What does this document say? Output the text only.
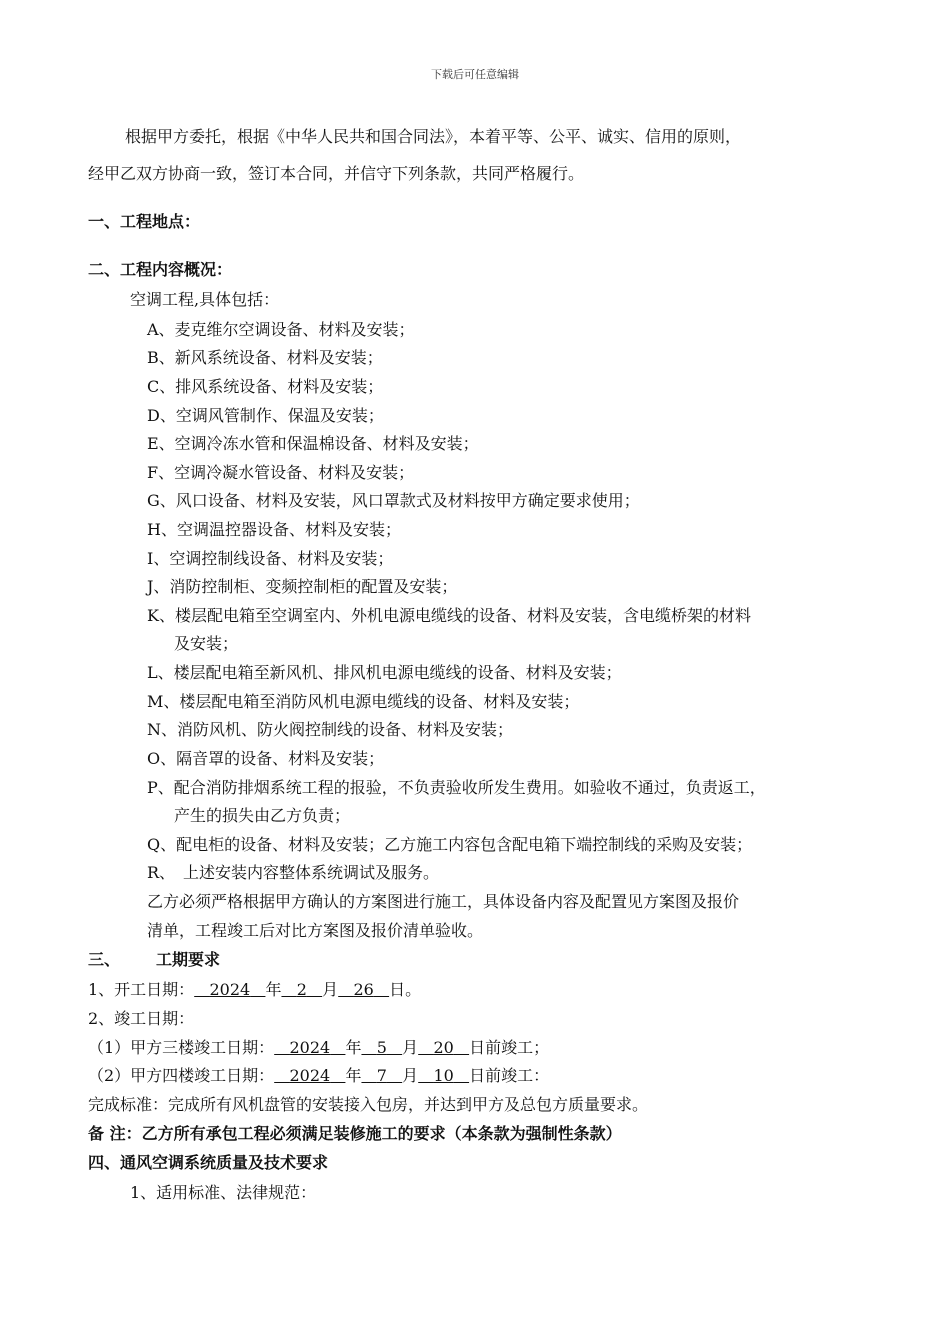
下载后可任意编辑
根据甲方委托，根据《中华人民共和国合同法》，本着平等、公平、诚实、信用的原则，
经甲乙双方协商一致，签订本合同，并信守下列条款，共同严格履行。
一、工程地点：
二、工程内容概况：
空调工程,具体包括：
A、麦克维尔空调设备、材料及安装；
B、新风系统设备、材料及安装；
C、排风系统设备、材料及安装；
D、空调风管制作、保温及安装；
E、空调冷冻水管和保温棉设备、材料及安装；
F、空调冷凝水管设备、材料及安装；
G、风口设备、材料及安装，风口罩款式及材料按甲方确定要求使用；
H、空调温控器设备、材料及安装；
I、空调控制线设备、材料及安装；
J、消防控制柜、变频控制柜的配置及安装；
K、楼层配电箱至空调室内、外机电源电缆线的设备、材料及安装，含电缆桥架的材料
及安装；
L、楼层配电箱至新风机、排风机电源电缆线的设备、材料及安装；
M、楼层配电箱至消防风机电源电缆线的设备、材料及安装；
N、消防风机、防火阀控制线的设备、材料及安装；
O、隔音罩的设备、材料及安装；
P、配合消防排烟系统工程的报验，不负责验收所发生费用。如验收不通过，负责返工，
产生的损失由乙方负责；
Q、配电柜的设备、材料及安装；乙方施工内容包含配电箱下端控制线的采购及安装；
R、　上述安装内容整体系统调试及服务。
乙方必须严格根据甲方确认的方案图进行施工，具体设备内容及配置见方案图及报价
清单，工程竣工后对比方案图及报价清单验收。
三、 工期要求
1、开工日期： 2024 年 2 月 26 日。
2、竣工日期：
（1）甲方三楼竣工日期： 2024 年 5 月 20 日前竣工；
（2）甲方四楼竣工日期： 2024 年 7 月 10 日前竣工：
完成标准：完成所有风机盘管的安装接入包房，并达到甲方及总包方质量要求。
备 注：乙方所有承包工程必须满足装修施工的要求（本条款为强制性条款）
四、通风空调系统质量及技术要求
1、适用标准、法律规范：
